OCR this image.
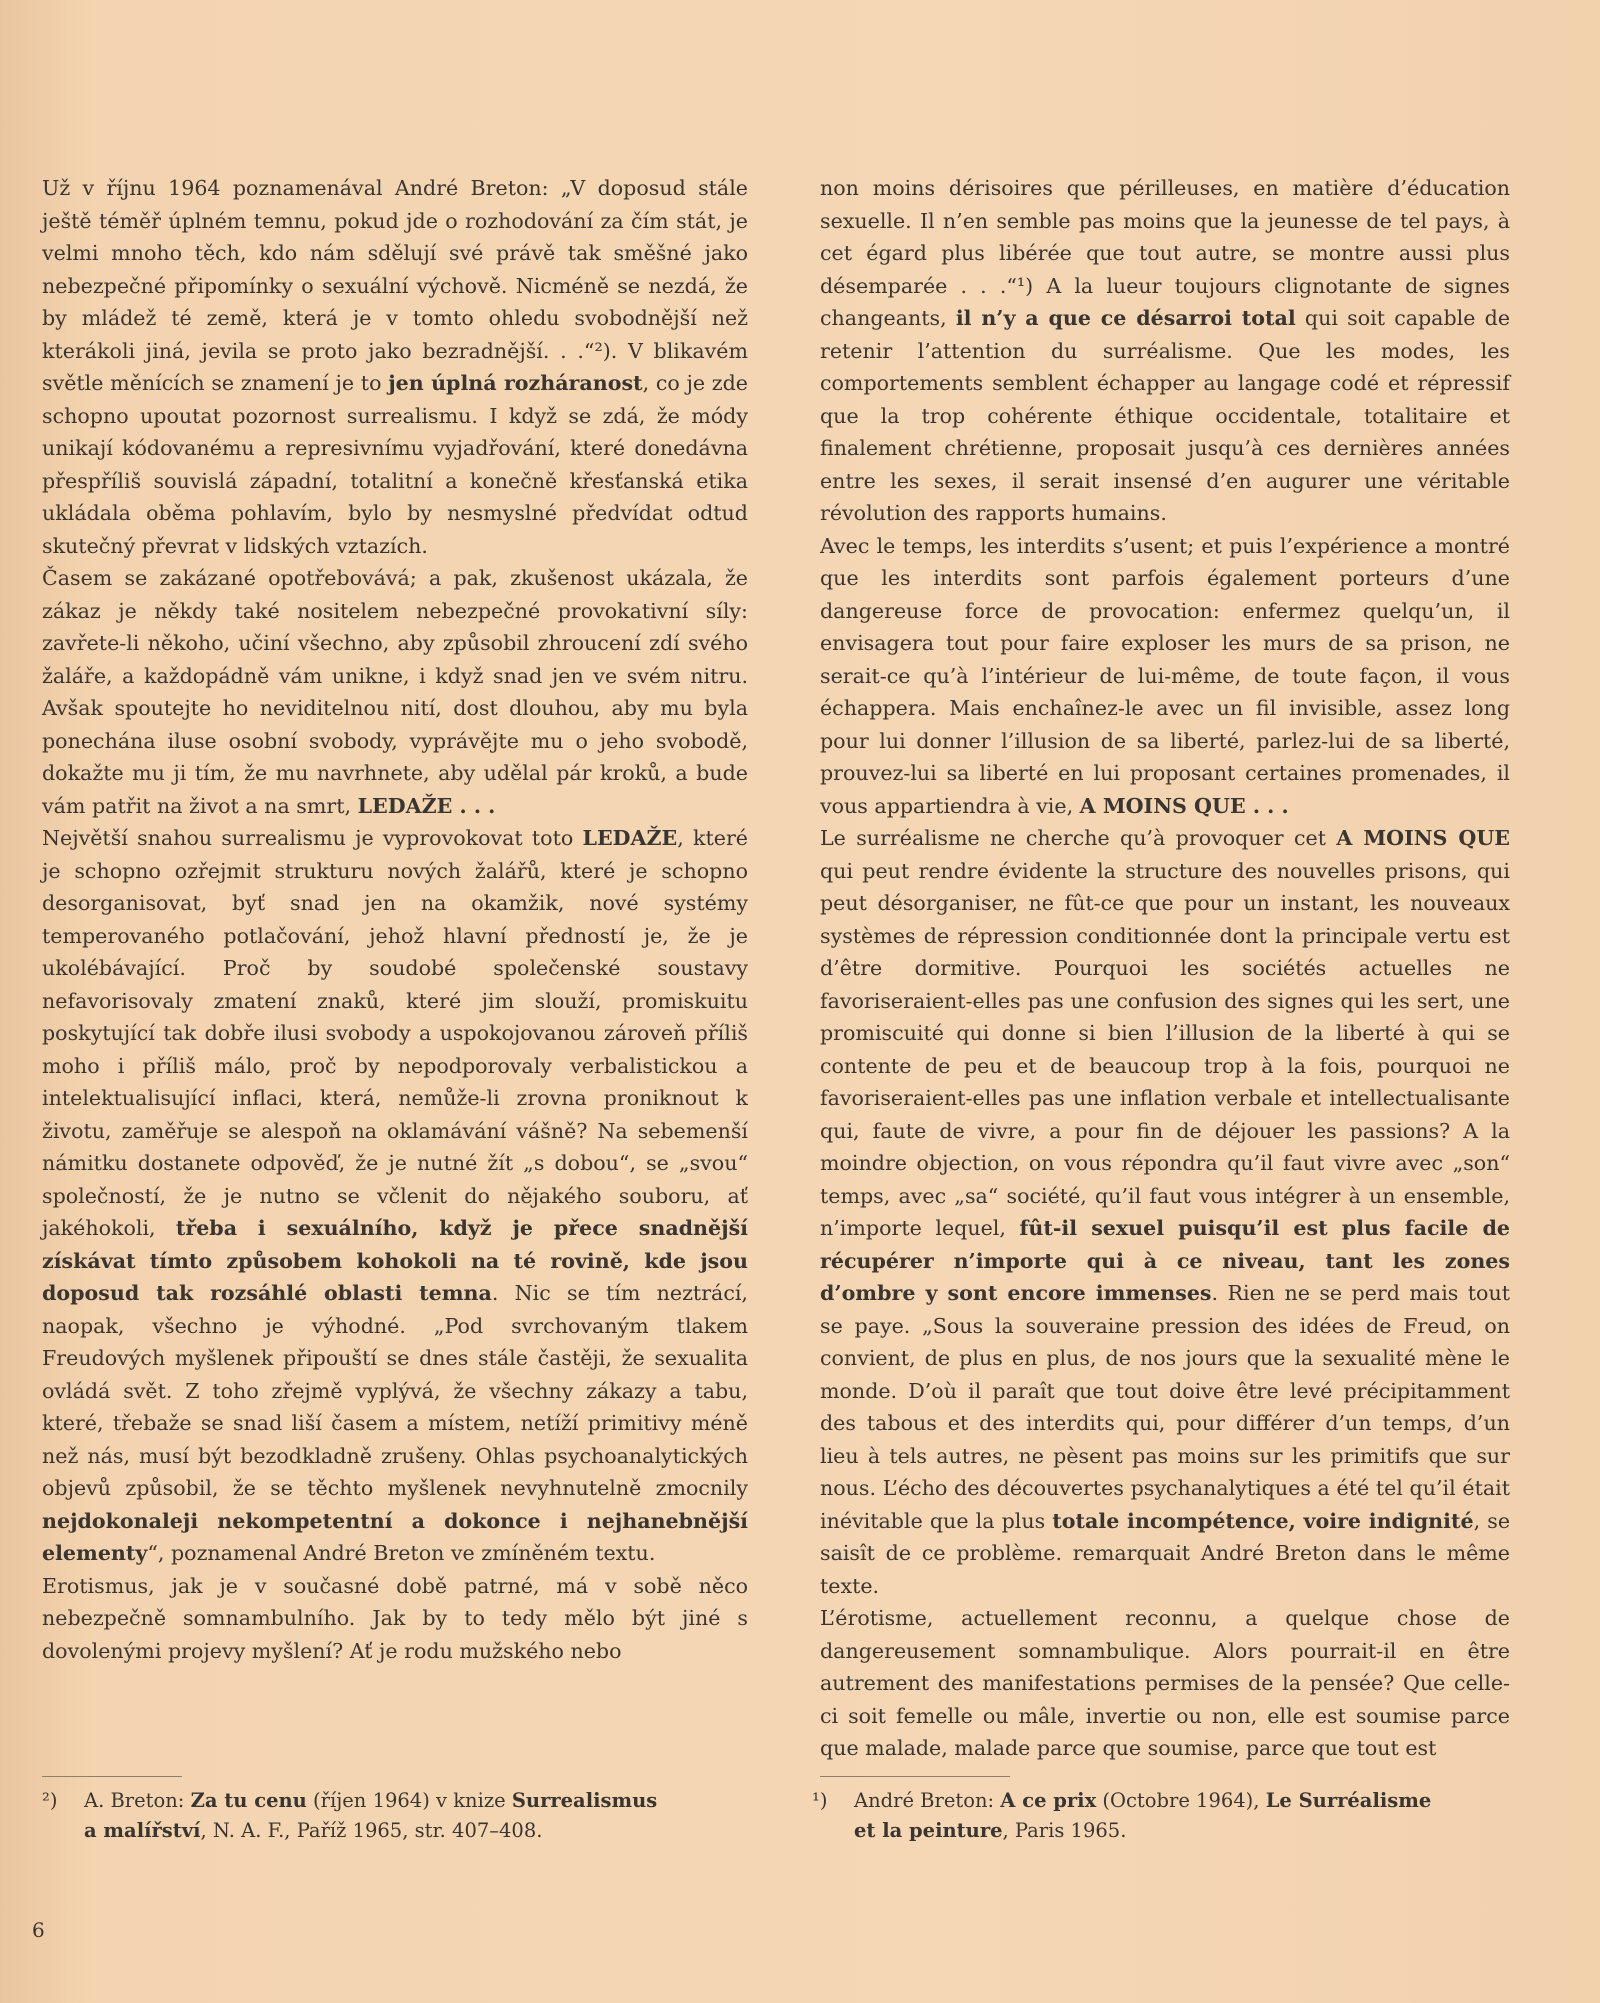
Už v říjnu 1964 poznamenával André Breton: „V doposud stále ještě téměř úplném temnu, pokud jde o rozhodování za čím stát, je velmi mnoho těch, kdo nám sdělují své právě tak směšné jako nebezpečné připomínky o sexuální výchově. Nicméně se nezdá, že by mládež té země, která je v tomto ohledu svobodnější než kterákoli jiná, jevila se proto jako bezradnější. . .“²). V blikavém světle měnících se znamení je to jen úplná rozháranost, co je zde schopno upoutat pozornost surrealismu. I když se zdá, že módy unikají kódovanému a represivnímu vyjadřování, které donedávna přespříliš souvislá západní, totalitní a konečně křesťanská etika ukládala oběma pohlavím, bylo by nesmyslné předvídat odtud skutečný převrat v lidských vztazích.

Časem se zakázané opotřebovává; a pak, zkušenost ukázala, že zákaz je někdy také nositelem nebezpečné provokativní síly: zavřete-li někoho, učiní všechno, aby způsobil zhroucení zdí svého žaláře, a každopádně vám unikne, i když snad jen ve svém nitru. Avšak spoutejte ho neviditelnou nití, dost dlouhou, aby mu byla ponechána iluse osobní svobody, vyprávějte mu o jeho svobodě, dokažte mu ji tím, že mu navrhnete, aby udělal pár kroků, a bude vám patřit na život a na smrt, LEDAŽE . . .

Největší snahou surrealismu je vyprovokovat toto LEDAŽE, které je schopno ozřejmit strukturu nových žalářů, které je schopno desorganisovat, byť snad jen na okamžik, nové systémy temperovaného potlačování, jehož hlavní předností je, že je ukolébávající. Proč by soudobé společenské soustavy nefavorisovaly zmatení znaků, které jim slouží, promiskuitu poskytující tak dobře ilusi svobody a uspokojovanou zároveň příliš moho i příliš málo, proč by nepodporovaly verbalistickou a intelektualisující inflaci, která, nemůže-li zrovna proniknout k životu, zaměřuje se alespoň na oklamávání vášně? Na sebemenší námitku dostanete odpověď, že je nutné žít „s dobou“, se „svou“ společností, že je nutno se včlenit do nějakého souboru, ať jakéhokoli, třeba i sexuálního, když je přece snadnější získávat tímto způsobem kohokoli na té rovině, kde jsou doposud tak rozsáhlé oblasti temna. Nic se tím neztrácí, naopak, všechno je výhodné. „Pod svrchovaným tlakem Freudových myšlenek připouští se dnes stále častěji, že sexualita ovládá svět. Z toho zřejmě vyplývá, že všechny zákazy a tabu, které, třebaže se snad liší časem a místem, netíží primitivy méně než nás, musí být bezodkladně zrušeny. Ohlas psychoanalytických objevů způsobil, že se těchto myšlenek nevyhnutelně zmocnily nejdokonaleji nekompetentní a dokonce i nejhanebnější elementy“, poznamenal André Breton ve zmíněném textu.

Erotismus, jak je v současné době patrné, má v sobě něco nebezpečně somnambulního. Jak by to tedy mělo být jiné s dovolenými projevy myšlení? Ať je rodu mužského nebo

non moins dérisoires que périlleuses, en matière d’éducation sexuelle. Il n’en semble pas moins que la jeunesse de tel pays, à cet égard plus libérée que tout autre, se montre aussi plus désemparée . . .“¹) A la lueur toujours clignotante de signes changeants, il n’y a que ce désarroi total qui soit capable de retenir l’attention du surréalisme. Que les modes, les comportements semblent échapper au langage codé et répressif que la trop cohérente éthique occidentale, totalitaire et finalement chrétienne, proposait jusqu’à ces dernières années entre les sexes, il serait insensé d’en augurer une véritable révolution des rapports humains.

Avec le temps, les interdits s’usent; et puis l’expérience a montré que les interdits sont parfois également porteurs d’une dangereuse force de provocation: enfermez quelqu’un, il envisagera tout pour faire exploser les murs de sa prison, ne serait-ce qu’à l’intérieur de lui-même, de toute façon, il vous échappera. Mais enchaînez-le avec un fil invisible, assez long pour lui donner l’illusion de sa liberté, parlez-lui de sa liberté, prouvez-lui sa liberté en lui proposant certaines promenades, il vous appartiendra à vie, A MOINS QUE . . .

Le surréalisme ne cherche qu’à provoquer cet A MOINS QUE qui peut rendre évidente la structure des nouvelles prisons, qui peut désorganiser, ne fût-ce que pour un instant, les nouveaux systèmes de répression conditionnée dont la principale vertu est d’être dormitive. Pourquoi les sociétés actuelles ne favoriseraient-elles pas une confusion des signes qui les sert, une promiscuité qui donne si bien l’illusion de la liberté à qui se contente de peu et de beaucoup trop à la fois, pourquoi ne favoriseraient-elles pas une inflation verbale et intellectualisante qui, faute de vivre, a pour fin de déjouer les passions? A la moindre objection, on vous répondra qu’il faut vivre avec „son“ temps, avec „sa“ société, qu’il faut vous intégrer à un ensemble, n’importe lequel, fût-il sexuel puisqu’il est plus facile de récupérer n’importe qui à ce niveau, tant les zones d’ombre y sont encore immenses. Rien ne se perd mais tout se paye. „Sous la souveraine pression des idées de Freud, on convient, de plus en plus, de nos jours que la sexualité mène le monde. D’où il paraît que tout doive être levé précipitamment des tabous et des interdits qui, pour différer d’un temps, d’un lieu à tels autres, ne pèsent pas moins sur les primitifs que sur nous. L’écho des découvertes psychanalytiques a été tel qu’il était inévitable que la plus totale incompétence, voire indignité, se saisît de ce problème. remarquait André Breton dans le même texte.

L’érotisme, actuellement reconnu, a quelque chose de dangereusement somnambulique. Alors pourrait-il en être autrement des manifestations permises de la pensée? Que celle-ci soit femelle ou mâle, invertie ou non, elle est soumise parce que malade, malade parce que soumise, parce que tout est

²) A. Breton: Za tu cenu (říjen 1964) v knize Surrealismus
a malířství, N. A. F., Paříž 1965, str. 407–408.
¹) André Breton: A ce prix (Octobre 1964), Le Surréalisme
et la peinture, Paris 1965.
6
